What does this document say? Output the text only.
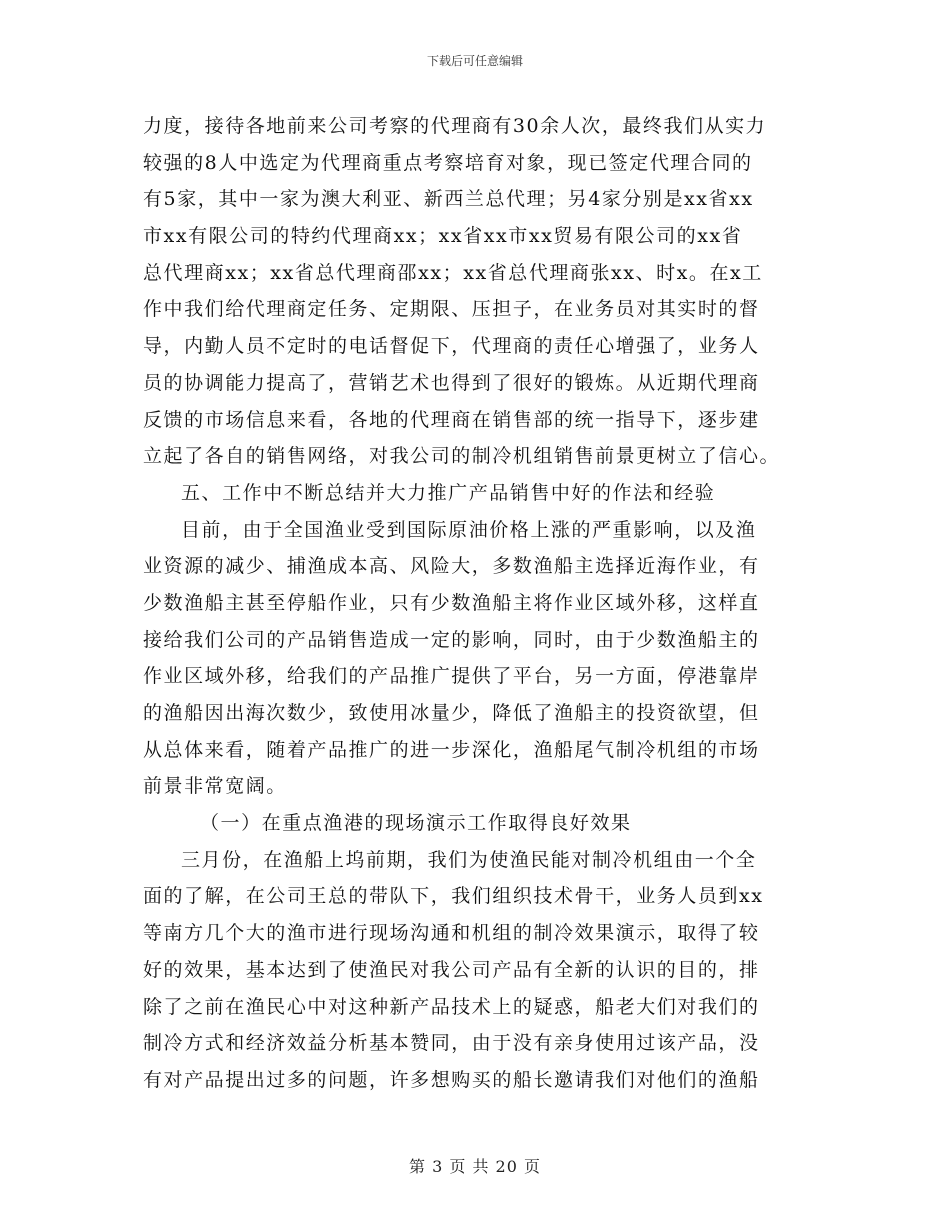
下载后可任意编辑
力度，接待各地前来公司考察的代理商有30余人次，最终我们从实力
较强的8人中选定为代理商重点考察培育对象，现已签定代理合同的
有5家，其中一家为澳大利亚、新西兰总代理；另4家分别是xx省xx
市xx有限公司的特约代理商xx；xx省xx市xx贸易有限公司的xx省
总代理商xx；xx省总代理商邵xx；xx省总代理商张xx、时x。在x工
作中我们给代理商定任务、定期限、压担子，在业务员对其实时的督
导，内勤人员不定时的电话督促下，代理商的责任心增强了，业务人
员的协调能力提高了，营销艺术也得到了很好的锻炼。从近期代理商
反馈的市场信息来看，各地的代理商在销售部的统一指导下，逐步建
立起了各自的销售网络，对我公司的制冷机组销售前景更树立了信心。
五、工作中不断总结并大力推广产品销售中好的作法和经验
目前，由于全国渔业受到国际原油价格上涨的严重影响，以及渔
业资源的减少、捕渔成本高、风险大，多数渔船主选择近海作业，有
少数渔船主甚至停船作业，只有少数渔船主将作业区域外移，这样直
接给我们公司的产品销售造成一定的影响，同时，由于少数渔船主的
作业区域外移，给我们的产品推广提供了平台，另一方面，停港靠岸
的渔船因出海次数少，致使用冰量少，降低了渔船主的投资欲望，但
从总体来看，随着产品推广的进一步深化，渔船尾气制冷机组的市场
前景非常宽阔。
（一）在重点渔港的现场演示工作取得良好效果
三月份，在渔船上坞前期，我们为使渔民能对制冷机组由一个全
面的了解，在公司王总的带队下，我们组织技术骨干，业务人员到xx
等南方几个大的渔市进行现场沟通和机组的制冷效果演示，取得了较
好的效果，基本达到了使渔民对我公司产品有全新的认识的目的，排
除了之前在渔民心中对这种新产品技术上的疑惑，船老大们对我们的
制冷方式和经济效益分析基本赞同，由于没有亲身使用过该产品，没
有对产品提出过多的问题，许多想购买的船长邀请我们对他们的渔船
第 3 页 共 20 页
